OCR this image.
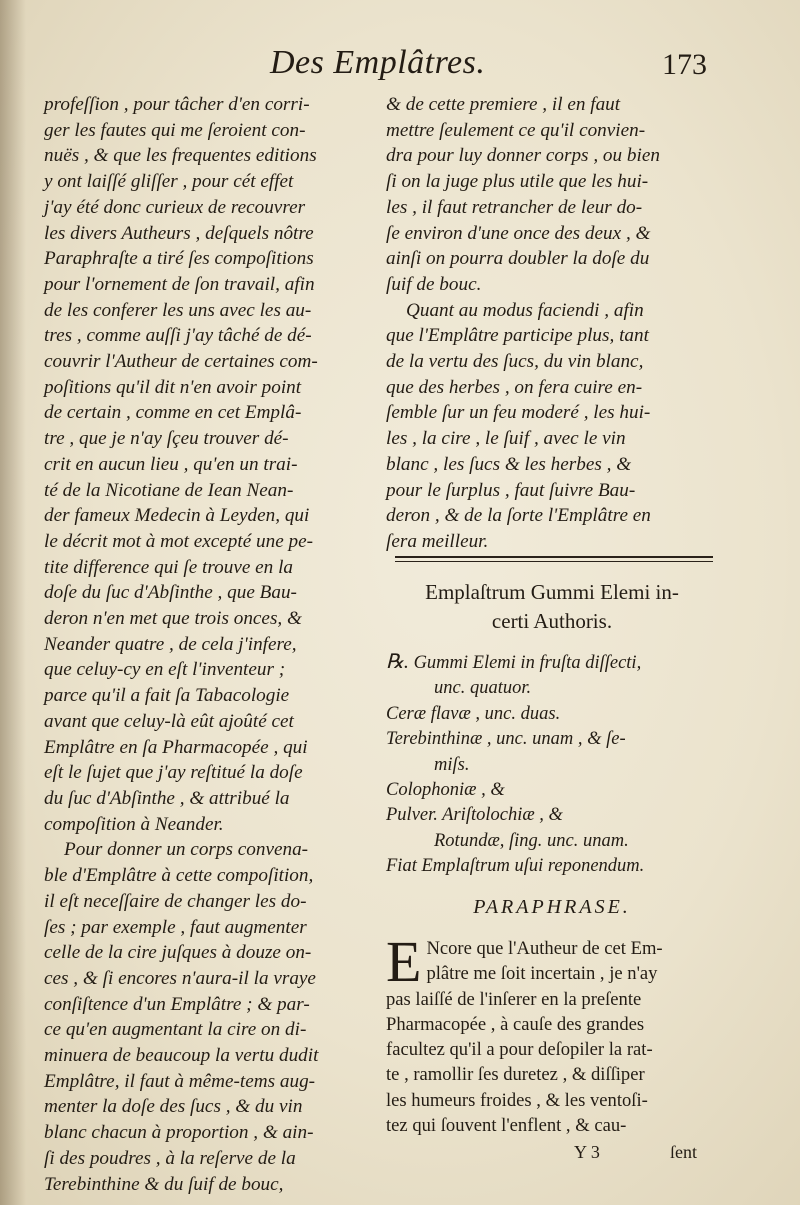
Des Emplâtres.	173
profeſſion , pour tâcher d'en corri-
ger les fautes qui me ſeroient con-
nuës , & que les frequentes editions
y ont laiſſé gliſſer , pour cét effet
j'ay été donc curieux de recouvrer
les divers Autheurs , deſquels nôtre
Paraphraſte a tiré ſes compoſitions
pour l'ornement de ſon travail, afin
de les conferer les uns avec les au-
tres , comme auſſi j'ay tâché de dé-
couvrir l'Autheur de certaines com-
poſitions qu'il dit n'en avoir point
de certain , comme en cet Emplâ-
tre , que je n'ay ſçeu trouver dé-
crit en aucun lieu , qu'en un trai-
té de la Nicotiane de Iean Nean-
der fameux Medecin à Leyden, qui
le décrit mot à mot excepté une pe-
tite difference qui ſe trouve en la
doſe du ſuc d'Abſinthe , que Bau-
deron n'en met que trois onces, &
Neander quatre , de cela j'infere,
que celuy-cy en eſt l'inventeur ;
parce qu'il a fait ſa Tabacologie
avant que celuy-là eût ajoûté cet
Emplâtre en ſa Pharmacopée , qui
eſt le ſujet que j'ay reſtitué la doſe
du ſuc d'Abſinthe , & attribué la
compoſition à Neander.
Pour donner un corps convena-
ble d'Emplâtre à cette compoſition,
il eſt neceſſaire de changer les do-
ſes ; par exemple , faut augmenter
celle de la cire juſques à douze on-
ces , & ſi encores n'aura-il la vraye
conſiſtence d'un Emplâtre ; & par-
ce qu'en augmentant la cire on di-
minuera de beaucoup la vertu dudit
Emplâtre, il faut à même-tems aug-
menter la doſe des ſucs , & du vin
blanc chacun à proportion , & ain-
ſi des poudres , à la reſerve de la
Terebinthine & du ſuif de bouc,
& de cette premiere , il en faut
mettre ſeulement ce qu'il convien-
dra pour luy donner corps , ou bien
ſi on la juge plus utile que les hui-
les , il faut retrancher de leur do-
ſe environ d'une once des deux , &
ainſi on pourra doubler la doſe du
ſuif de bouc.
Quant au modus faciendi , afin
que l'Emplâtre participe plus, tant
de la vertu des ſucs, du vin blanc,
que des herbes , on fera cuire en-
ſemble ſur un feu moderé , les hui-
les , la cire , le ſuif , avec le vin
blanc , les ſucs & les herbes , &
pour le ſurplus , faut ſuivre Bau-
deron , & de la ſorte l'Emplâtre en
ſera meilleur.
Emplaſtrum Gummi Elemi in-
certi Authoris.
℞. Gummi Elemi in fruſta diſſecti,
unc. quatuor.
Ceræ flavæ , unc. duas.
Terebinthinæ , unc. unam , & ſe-
miſs.
Colophoniæ , &
Pulver. Ariſtolochiæ , &
Rotundæ, ſing. unc. unam.
Fiat Emplaſtrum uſui reponendum.
PARAPHRASE.
E Ncore que l'Autheur de cet Em-
plâtre me ſoit incertain , je n'ay
pas laiſſé de l'inſerer en la preſente
Pharmacopée , à cauſe des grandes
facultez qu'il a pour deſopiler la rat-
te , ramollir ſes duretez , & diſſiper
les humeurs froides , & les ventoſi-
tez qui ſouvent l'enflent , & cau-
Y 3	ſent
